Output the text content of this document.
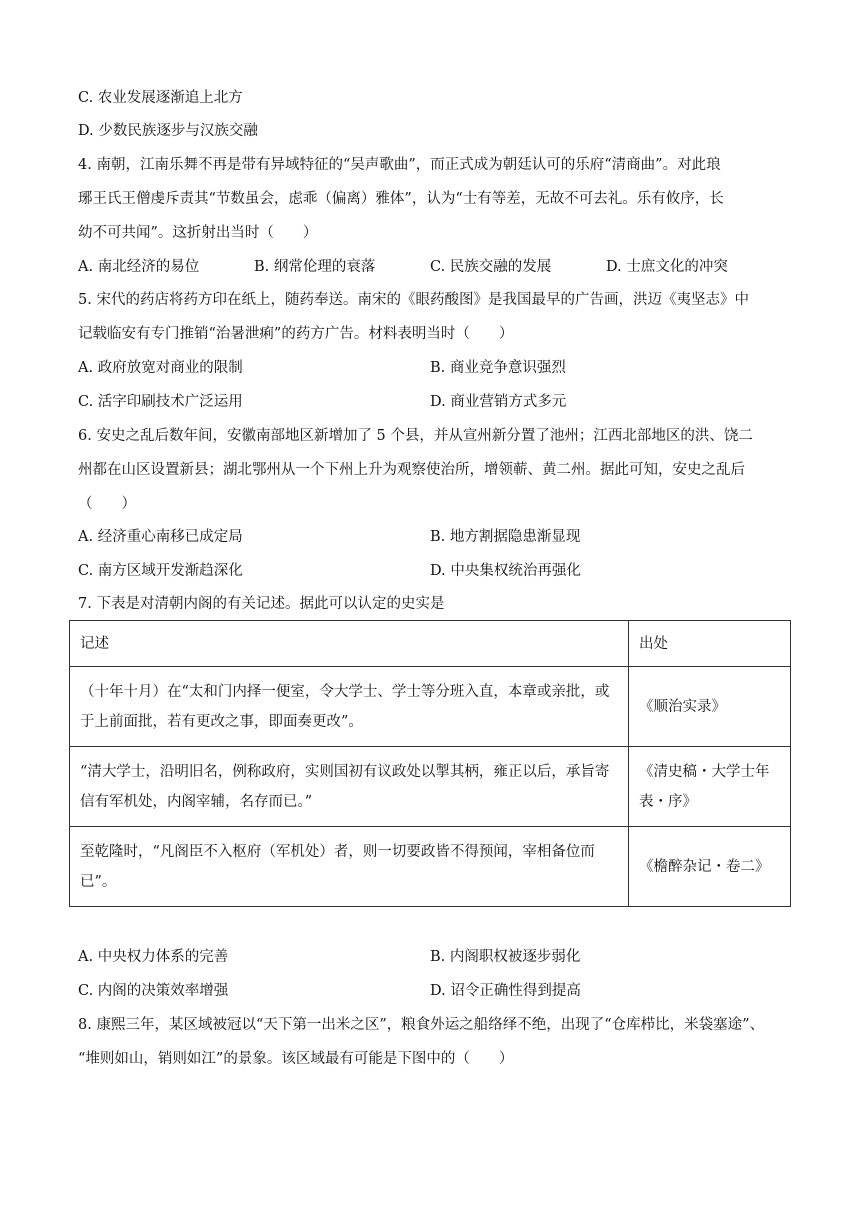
C. 农业发展逐渐追上北方
D. 少数民族逐步与汉族交融
4. 南朝，江南乐舞不再是带有异域特征的“吴声歌曲”，而正式成为朝廷认可的乐府“清商曲”。对此琅
琊王氏王僧虔斥责其“节数虽会，虑乖（偏离）雅体”，认为“士有等差，无故不可去礼。乐有攸序，长
幼不可共闻”。这折射出当时（　　）
A. 南北经济的易位	B. 纲常伦理的衰落	C. 民族交融的发展	D. 士庶文化的冲突
5. 宋代的药店将药方印在纸上，随药奉送。南宋的《眼药酸图》是我国最早的广告画，洪迈《夷坚志》中
记载临安有专门推销“治暑泄痢”的药方广告。材料表明当时（　　）
A. 政府放宽对商业的限制	B. 商业竞争意识强烈
C. 活字印刷技术广泛运用	D. 商业营销方式多元
6. 安史之乱后数年间，安徽南部地区新增加了 5 个县，并从宣州新分置了池州；江西北部地区的洪、饶二
州都在山区设置新县；湖北鄂州从一个下州上升为观察使治所，增领蕲、黄二州。据此可知，安史之乱后
（　　）
A. 经济重心南移已成定局	B. 地方割据隐患渐显现
C. 南方区域开发渐趋深化	D. 中央集权统治再强化
7. 下表是对清朝内阁的有关记述。据此可以认定的史实是
记述	出处
（十年十月）在“太和门内择一便室，令大学士、学士等分班入直，本章或亲批，或于上前面批，若有更改之事，即面奏更改”。	《顺治实录》
“清大学士，沿明旧名，例称政府，实则国初有议政处以掣其柄，雍正以后，承旨寄信有军机处，内阁宰辅，名存而已。”	《清史稿・大学士年表・序》
至乾隆时，“凡阁臣不入枢府（军机处）者，则一切要政皆不得预闻，宰相备位而已”。	《檐醉杂记・卷二》
A. 中央权力体系的完善	B. 内阁职权被逐步弱化
C. 内阁的决策效率增强	D. 诏令正确性得到提高
8. 康熙三年，某区域被冠以“天下第一出米之区”，粮食外运之船络绎不绝，出现了“仓库栉比，米袋塞途”、
“堆则如山，销则如江”的景象。该区域最有可能是下图中的（　　）
